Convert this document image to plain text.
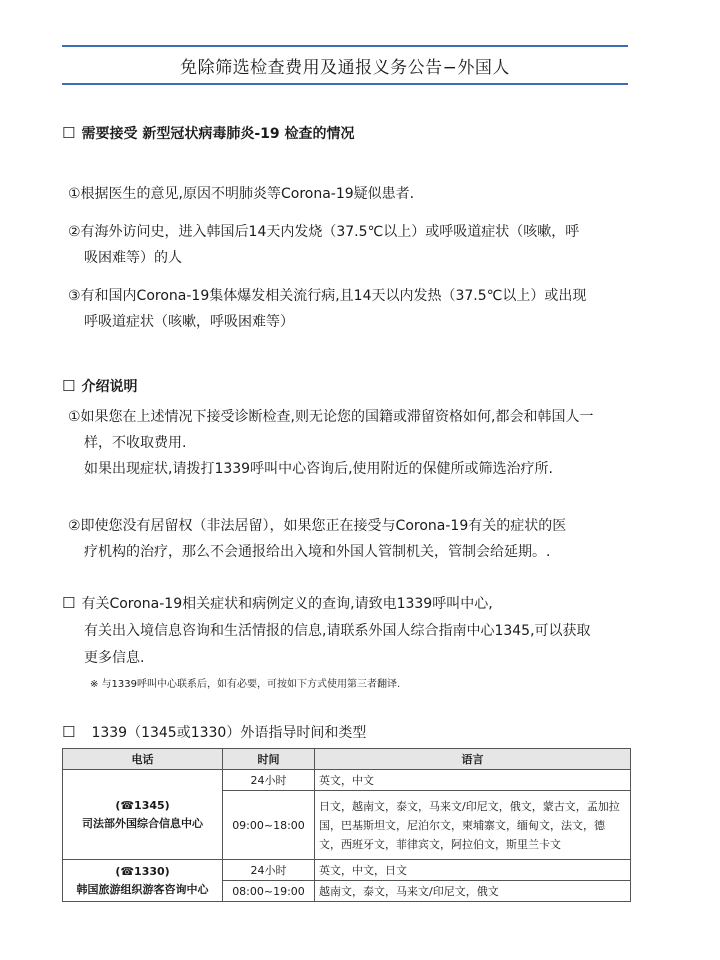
免除筛选检查费用及通报义务公告−外国人
☐ 需要接受 新型冠状病毒肺炎-19 检查的情况
①根据医生的意见,原因不明肺炎等Corona-19疑似患者.
②有海外访问史，进入韩国后14天内发烧（37.5℃以上）或呼吸道症状（咳嗽，呼
吸困难等）的人
③有和国内Corona-19集体爆发相关流行病,且14天以内发热（37.5℃以上）或出现
呼吸道症状（咳嗽，呼吸困难等）
☐ 介绍说明
①如果您在上述情况下接受诊断检查,则无论您的国籍或滞留资格如何,都会和韩国人一
样，不收取费用.
如果出现症状,请拨打1339呼叫中心咨询后,使用附近的保健所或筛选治疗所.
②即使您没有居留权（非法居留），如果您正在接受与Corona-19有关的症状的医
疗机构的治疗，那么不会通报给出入境和外国人管制机关，管制会给延期。.
☐ 有关Corona-19相关症状和病例定义的查询,请致电1339呼叫中心,
有关出入境信息咨询和生活情报的信息,请联系外国人综合指南中心1345,可以获取
更多信息.
※ 与1339呼叫中心联系后，如有必要，可按如下方式使用第三者翻译.
☐ 1339（1345或1330）外语指导时间和类型
电话	时间	语言

(☎1345)
司法部外国综合信息中心	24小时	英文，中文
	09:00~18:00	日文，越南文，泰文，马来文/印尼文，俄文，蒙古文，孟加拉国，巴基斯坦文，尼泊尔文，柬埔寨文，缅甸文，法文，德文，西班牙文，菲律宾文，阿拉伯文，斯里兰卡文

(☎1330)
韩国旅游组织游客咨询中心	24小时	英文，中文，日文
	08:00~19:00	越南文，泰文，马来文/印尼文，俄文
